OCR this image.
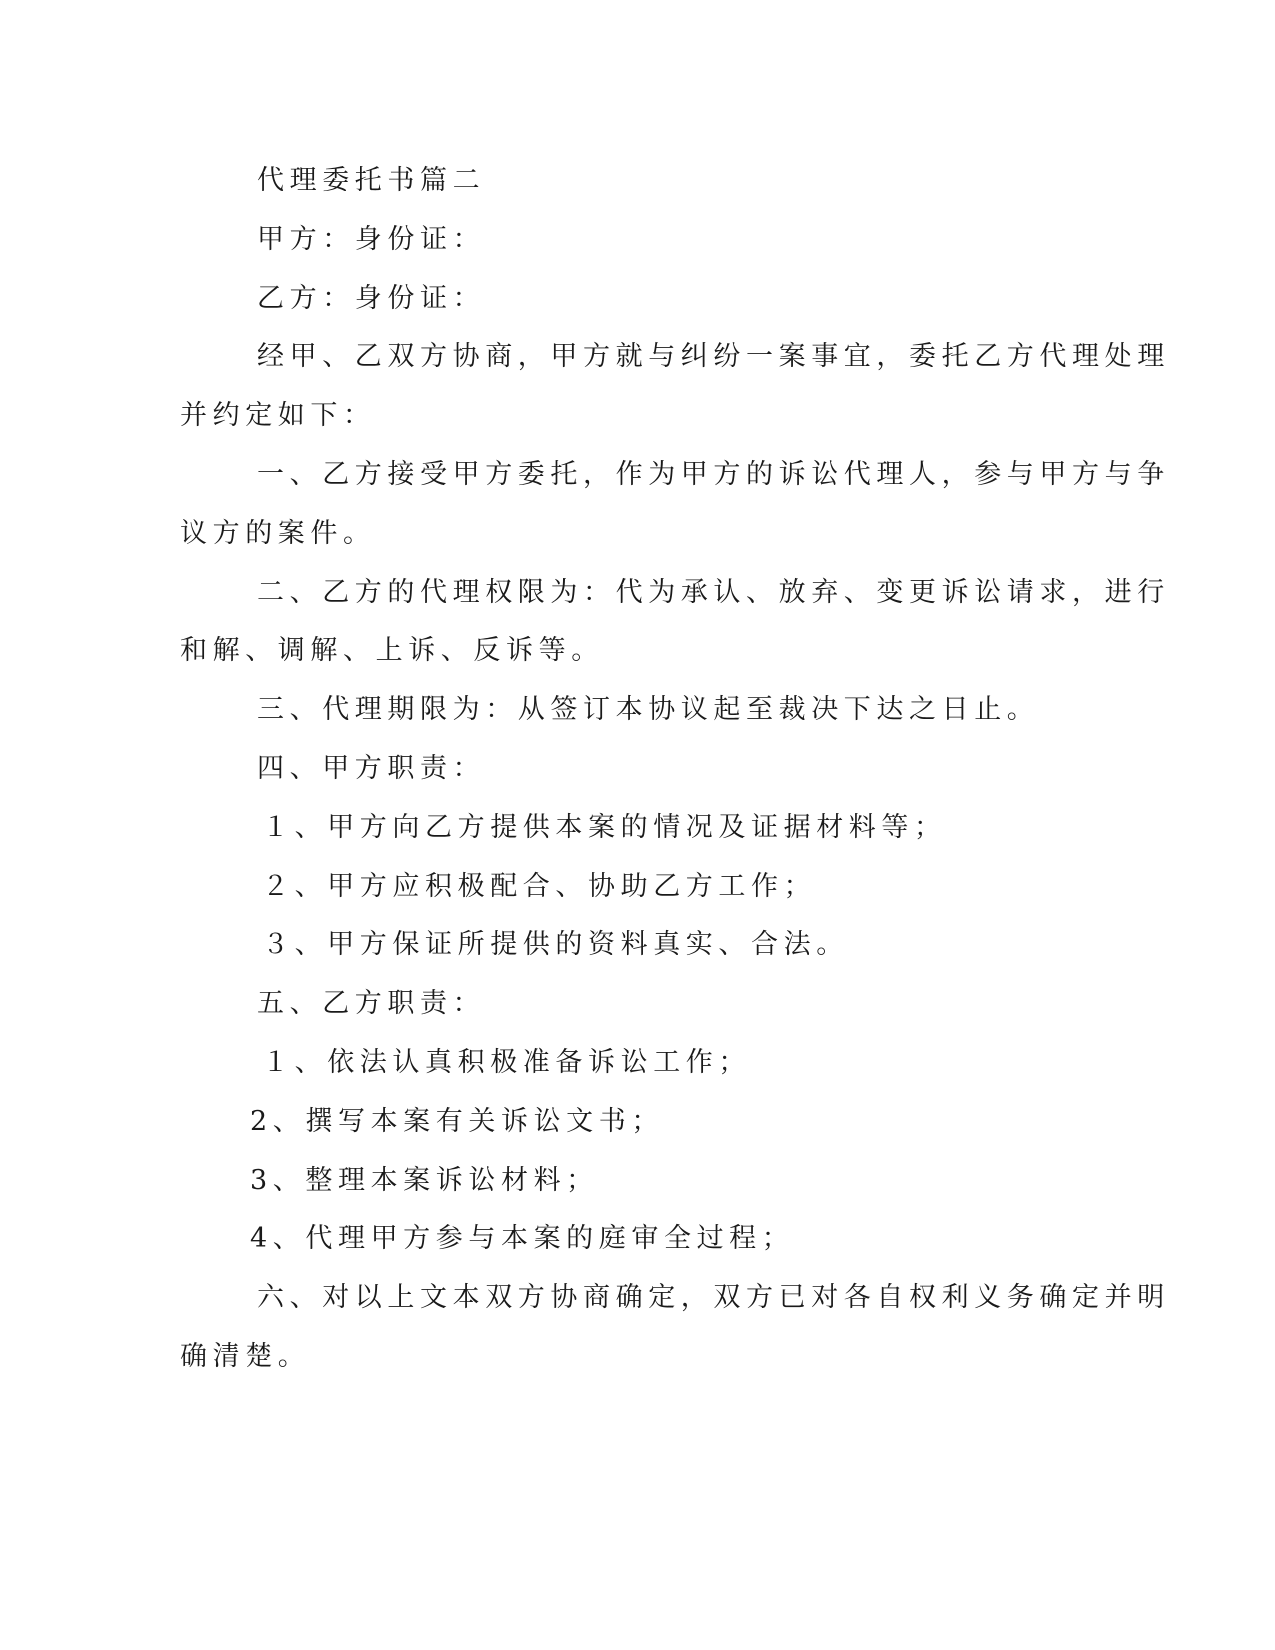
代理委托书篇二
甲方：身份证：
乙方：身份证：
经甲、乙双方协商，甲方就与纠纷一案事宜，委托乙方代理处理
并约定如下：
一、乙方接受甲方委托，作为甲方的诉讼代理人，参与甲方与争
议方的案件。
二、乙方的代理权限为：代为承认、放弃、变更诉讼请求，进行
和解、调解、上诉、反诉等。
三、代理期限为：从签订本协议起至裁决下达之日止。
四、甲方职责：
１、甲方向乙方提供本案的情况及证据材料等；
２、甲方应积极配合、协助乙方工作；
３、甲方保证所提供的资料真实、合法。
五、乙方职责：
１、依法认真积极准备诉讼工作；
2、撰写本案有关诉讼文书；
3、整理本案诉讼材料；
4、代理甲方参与本案的庭审全过程；
六、对以上文本双方协商确定，双方已对各自权利义务确定并明
确清楚。
